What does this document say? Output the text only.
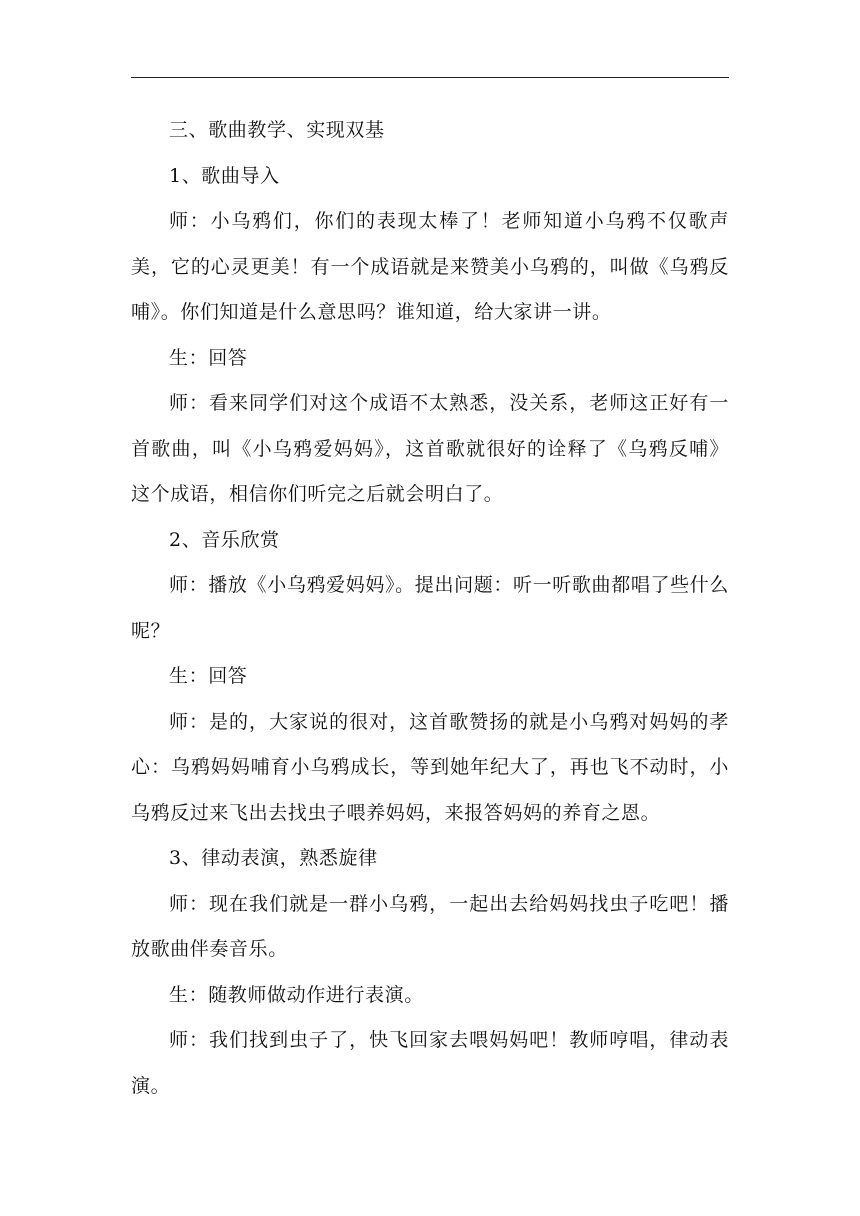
三、歌曲教学、实现双基

1、歌曲导入

师：小乌鸦们，你们的表现太棒了！老师知道小乌鸦不仅歌声美，它的心灵更美！有一个成语就是来赞美小乌鸦的，叫做《乌鸦反哺》。你们知道是什么意思吗？谁知道，给大家讲一讲。

生：回答

师：看来同学们对这个成语不太熟悉，没关系，老师这正好有一首歌曲，叫《小乌鸦爱妈妈》，这首歌就很好的诠释了《乌鸦反哺》这个成语，相信你们听完之后就会明白了。

2、音乐欣赏

师：播放《小乌鸦爱妈妈》。提出问题：听一听歌曲都唱了些什么呢？

生：回答

师：是的，大家说的很对，这首歌赞扬的就是小乌鸦对妈妈的孝心：乌鸦妈妈哺育小乌鸦成长，等到她年纪大了，再也飞不动时，小乌鸦反过来飞出去找虫子喂养妈妈，来报答妈妈的养育之恩。

3、律动表演，熟悉旋律

师：现在我们就是一群小乌鸦，一起出去给妈妈找虫子吃吧！播放歌曲伴奏音乐。

生：随教师做动作进行表演。

师：我们找到虫子了，快飞回家去喂妈妈吧！教师哼唱，律动表演。
